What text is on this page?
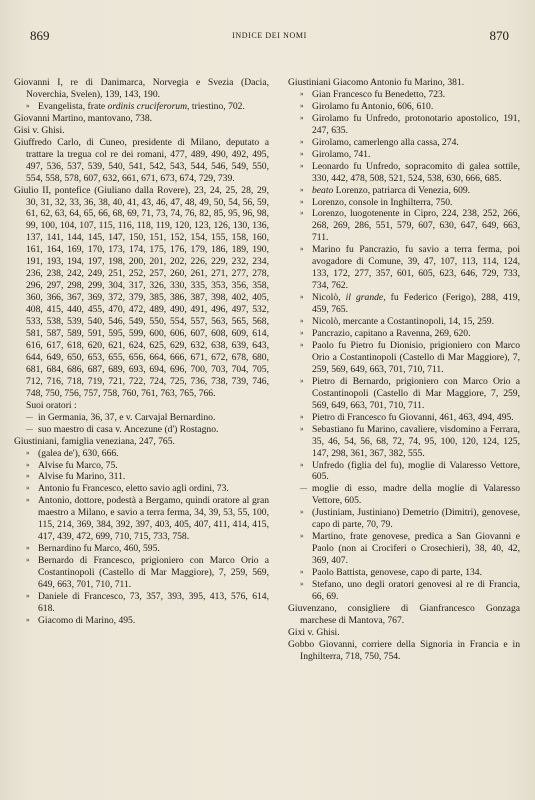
869	INDICE DEI NOMI	870
Giovanni I, re di Danimarca, Norvegia e Svezia (Dacia, Noverchia, Svelen), 139, 143, 190.
» Evangelista, frate ordinis cruciferorum, triestino, 702.
Giovanni Martino, mantovano, 738.
Gisi v. Ghisi.
Giuffredo Carlo, di Cuneo, presidente di Milano, deputato a trattare la tregua col re dei romani, 477, 489, 490, 492, 495, 497, 536, 537, 539, 540, 541, 542, 543, 544, 546, 549, 550, 554, 558, 578, 607, 632, 661, 671, 673, 674, 729, 739.
Giulio II, pontefice (Giuliano dalla Rovere), 23, 24, 25, 28, 29, 30, 31, 32, 33, 36, 38, 40, 41, 43, 46, 47, 48, 49, 50, 54, 56, 59, 61, 62, 63, 64, 65, 66, 68, 69, 71, 73, 74, 76, 82, 85, 95, 96, 98, 99, 100, 104, 107, 115, 116, 118, 119, 120, 123, 126, 130, 136, 137, 141, 144, 145, 147, 150, 151, 152, 154, 155, 158, 160, 161, 164, 169, 170, 173, 174, 175, 176, 179, 186, 189, 190, 191, 193, 194, 197, 198, 200, 201, 202, 226, 229, 232, 234, 236, 238, 242, 249, 251, 252, 257, 260, 261, 271, 277, 278, 296, 297, 298, 299, 304, 317, 326, 330, 335, 353, 356, 358, 360, 366, 367, 369, 372, 379, 385, 386, 387, 398, 402, 405, 408, 415, 440, 455, 470, 472, 489, 490, 491, 496, 497, 532, 533, 538, 539, 540, 546, 549, 550, 554, 557, 563, 565, 568, 581, 587, 589, 591, 595, 599, 600, 606, 607, 608, 609, 614, 616, 617, 618, 620, 621, 624, 625, 629, 632, 638, 639, 643, 644, 649, 650, 653, 655, 656, 664, 666, 671, 672, 678, 680, 681, 684, 686, 687, 689, 693, 694, 696, 700, 703, 704, 705, 712, 716, 718, 719, 721, 722, 724, 725, 736, 738, 739, 746, 748, 750, 756, 757, 758, 760, 761, 763, 765, 766.
Suoi oratori :
— in Germania, 36, 37, e v. Carvajal Bernardino.
— suo maestro di casa v. Ancezune (d') Rostagno.
Giustiniani, famiglia veneziana, 247, 765.
» (galea de'), 630, 666.
» Alvise fu Marco, 75.
» Alvise fu Marino, 311.
» Antonio fu Francesco, eletto savio agli ordini, 73.
» Antonio, dottore, podestà a Bergamo, quindi oratore al gran maestro a Milano, e savio a terra ferma, 34, 39, 53, 55, 100, 115, 214, 369, 384, 392, 397, 403, 405, 407, 411, 414, 415, 417, 439, 472, 699, 710, 715, 733, 758.
» Bernardino fu Marco, 460, 595.
» Bernardo di Francesco, prigioniero con Marco Orio a Costantinopoli (Castello di Mar Maggiore), 7, 259, 569, 649, 663, 701, 710, 711.
» Daniele di Francesco, 73, 357, 393, 395, 413, 576, 614, 618.
» Giacomo di Marino, 495.
Giustiniani Giacomo Antonio fu Marino, 381.
» Gian Francesco fu Benedetto, 723.
» Girolamo fu Antonio, 606, 610.
» Girolamo fu Unfredo, protonotario apostolico, 191, 247, 635.
» Girolamo, camerlengo alla cassa, 274.
» Girolamo, 741.
» Leonardo fu Unfredo, sopracomito di galea sottile, 330, 442, 478, 508, 521, 524, 538, 630, 666, 685.
» beato Lorenzo, patriarca di Venezia, 609.
» Lorenzo, console in Inghilterra, 750.
» Lorenzo, luogotenente in Cipro, 224, 238, 252, 266, 268, 269, 286, 551, 579, 607, 630, 647, 649, 663, 711.
» Marino fu Pancrazio, fu savio a terra ferma, poi avogadore di Comune, 39, 47, 107, 113, 114, 124, 133, 172, 277, 357, 601, 605, 623, 646, 729, 733, 734, 762.
» Nicolò, il grande, fu Federico (Ferigo), 288, 419, 459, 765.
» Nicolò, mercante a Costantinopoli, 14, 15, 259.
» Pancrazio, capitano a Ravenna, 269, 620.
» Paolo fu Pietro fu Dionisio, prigioniero con Marco Orio a Costantinopoli (Castello di Mar Maggiore), 7, 259, 569, 649, 663, 701, 710, 711.
» Pietro di Bernardo, prigioniero con Marco Orio a Costantinopoli (Castello di Mar Maggiore, 7, 259, 569, 649, 663, 701, 710, 711.
» Pietro di Francesco fu Giovanni, 461, 463, 494, 495.
» Sebastiano fu Marino, cavaliere, visdomino a Ferrara, 35, 46, 54, 56, 68, 72, 74, 95, 100, 120, 124, 125, 147, 298, 361, 367, 382, 555.
» Unfredo (figlia del fu), moglie di Valaresso Vettore, 605.
— moglie di esso, madre della moglie di Valaresso Vettore, 605.
» (Justiniam, Justiniano) Demetrio (Dimitri), genovese, capo di parte, 70, 79.
» Martino, frate genovese, predica a San Giovanni e Paolo (non ai Crociferi o Crosechieri), 38, 40, 42, 369, 407.
» Paolo Battista, genovese, capo di parte, 134.
» Stefano, uno degli oratori genovesi al re di Francia, 66, 69.
Giuvenzano, consigliere di Gianfrancesco Gonzaga marchese di Mantova, 767.
Gixi v. Ghisi.
Gobbo Giovanni, corriere della Signoria in Francia e in Inghilterra, 718, 750, 754.
